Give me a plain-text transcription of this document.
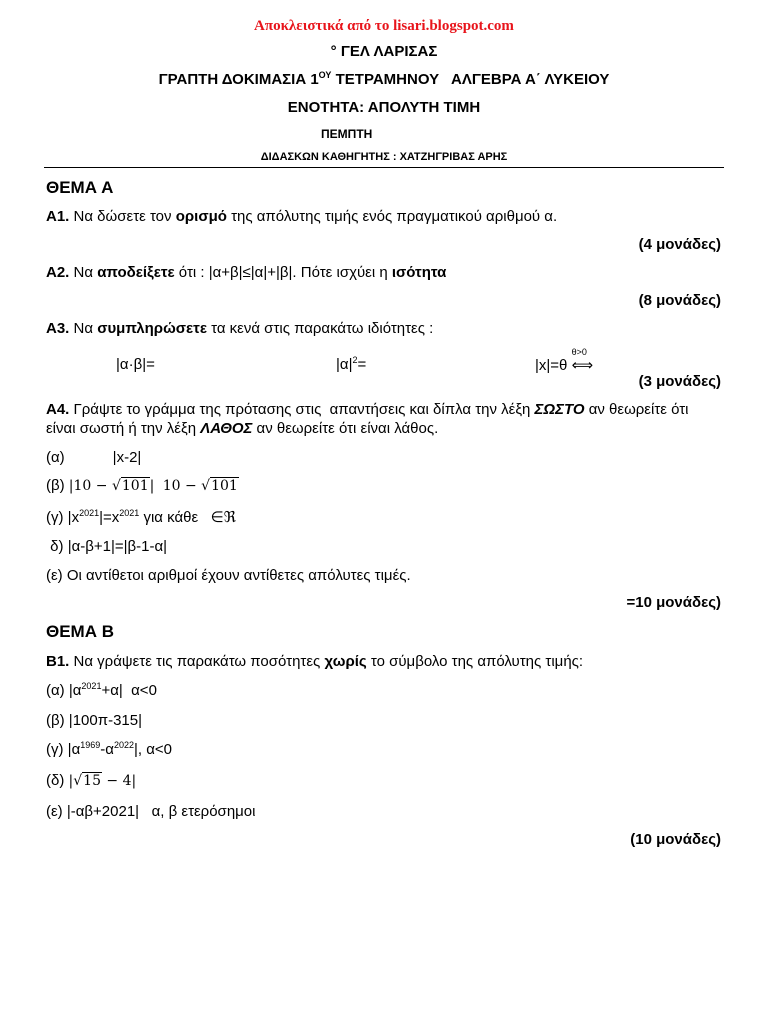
Αποκλειστικά από το lisari.blogspot.com
° ΓΕΛ ΛΑΡΙΣΑΣ
ΓΡΑΠΤΗ ΔΟΚΙΜΑΣΙΑ $1^{O\Upsilon}$ ΤΕΤΡΑΜΗΝΟΥ   ΑΛΓΕΒΡΑ Α΄ ΛΥΚΕΙΟΥ
ΕΝΟΤΗΤΑ: ΑΠΟΛΥΤΗ ΤΙΜΗ
ΠΕΜΠΤΗ
ΔΙΔΑΣΚΩΝ ΚΑΘΗΓΗΤΗΣ : ΧΑΤΖΗΓΡΙΒΑΣ ΑΡΗΣ
ΘΕΜΑ Α
Α1. Να δώσετε τον ορισμό της απόλυτης τιμής ενός πραγματικού αριθμού α.
(4 μονάδες)
Α2. Να αποδείξετε ότι : |α+β|≤|α|+|β|. Πότε ισχύει η ισότητα
(8 μονάδες)
Α3. Να συμπληρώσετε τα κενά στις παρακάτω ιδιότητες :
|α·β|=	$|\alpha|^2=$	|x|=θ
θ>0
⟺
(3 μονάδες)
Α4. Γράψτε το γράμμα της πρότασης στις  απαντήσεις και δίπλα την λέξη ΣΩΣΤΟ αν θεωρείτε ότι
είναι σωστή ή την λέξη ΛΑΘΟΣ αν θεωρείτε ότι είναι λάθος.
(α)	|x-2|
(β) |10 − √101| 10 − √101
(γ) $|x^{2021}|=x^{2021}$ για κάθε   ∈ℜ
δ) |α-β+1|=|β-1-α|
(ε) Οι αντίθετοι αριθμοί έχουν αντίθετες απόλυτες τιμές.
=10 μονάδες)
ΘΕΜΑ Β
Β1. Να γράψετε τις παρακάτω ποσότητες χωρίς το σύμβολο της απόλυτης τιμής:
(α) $|\alpha^{2021}+\alpha|$  α<0
(β) |100π-315|
(γ) $|\alpha^{1969}-\alpha^{2022}|$, α<0
(δ) |√15 − 4|
(ε) |-αβ+2021|   α, β ετερόσημοι
(10 μονάδες)
